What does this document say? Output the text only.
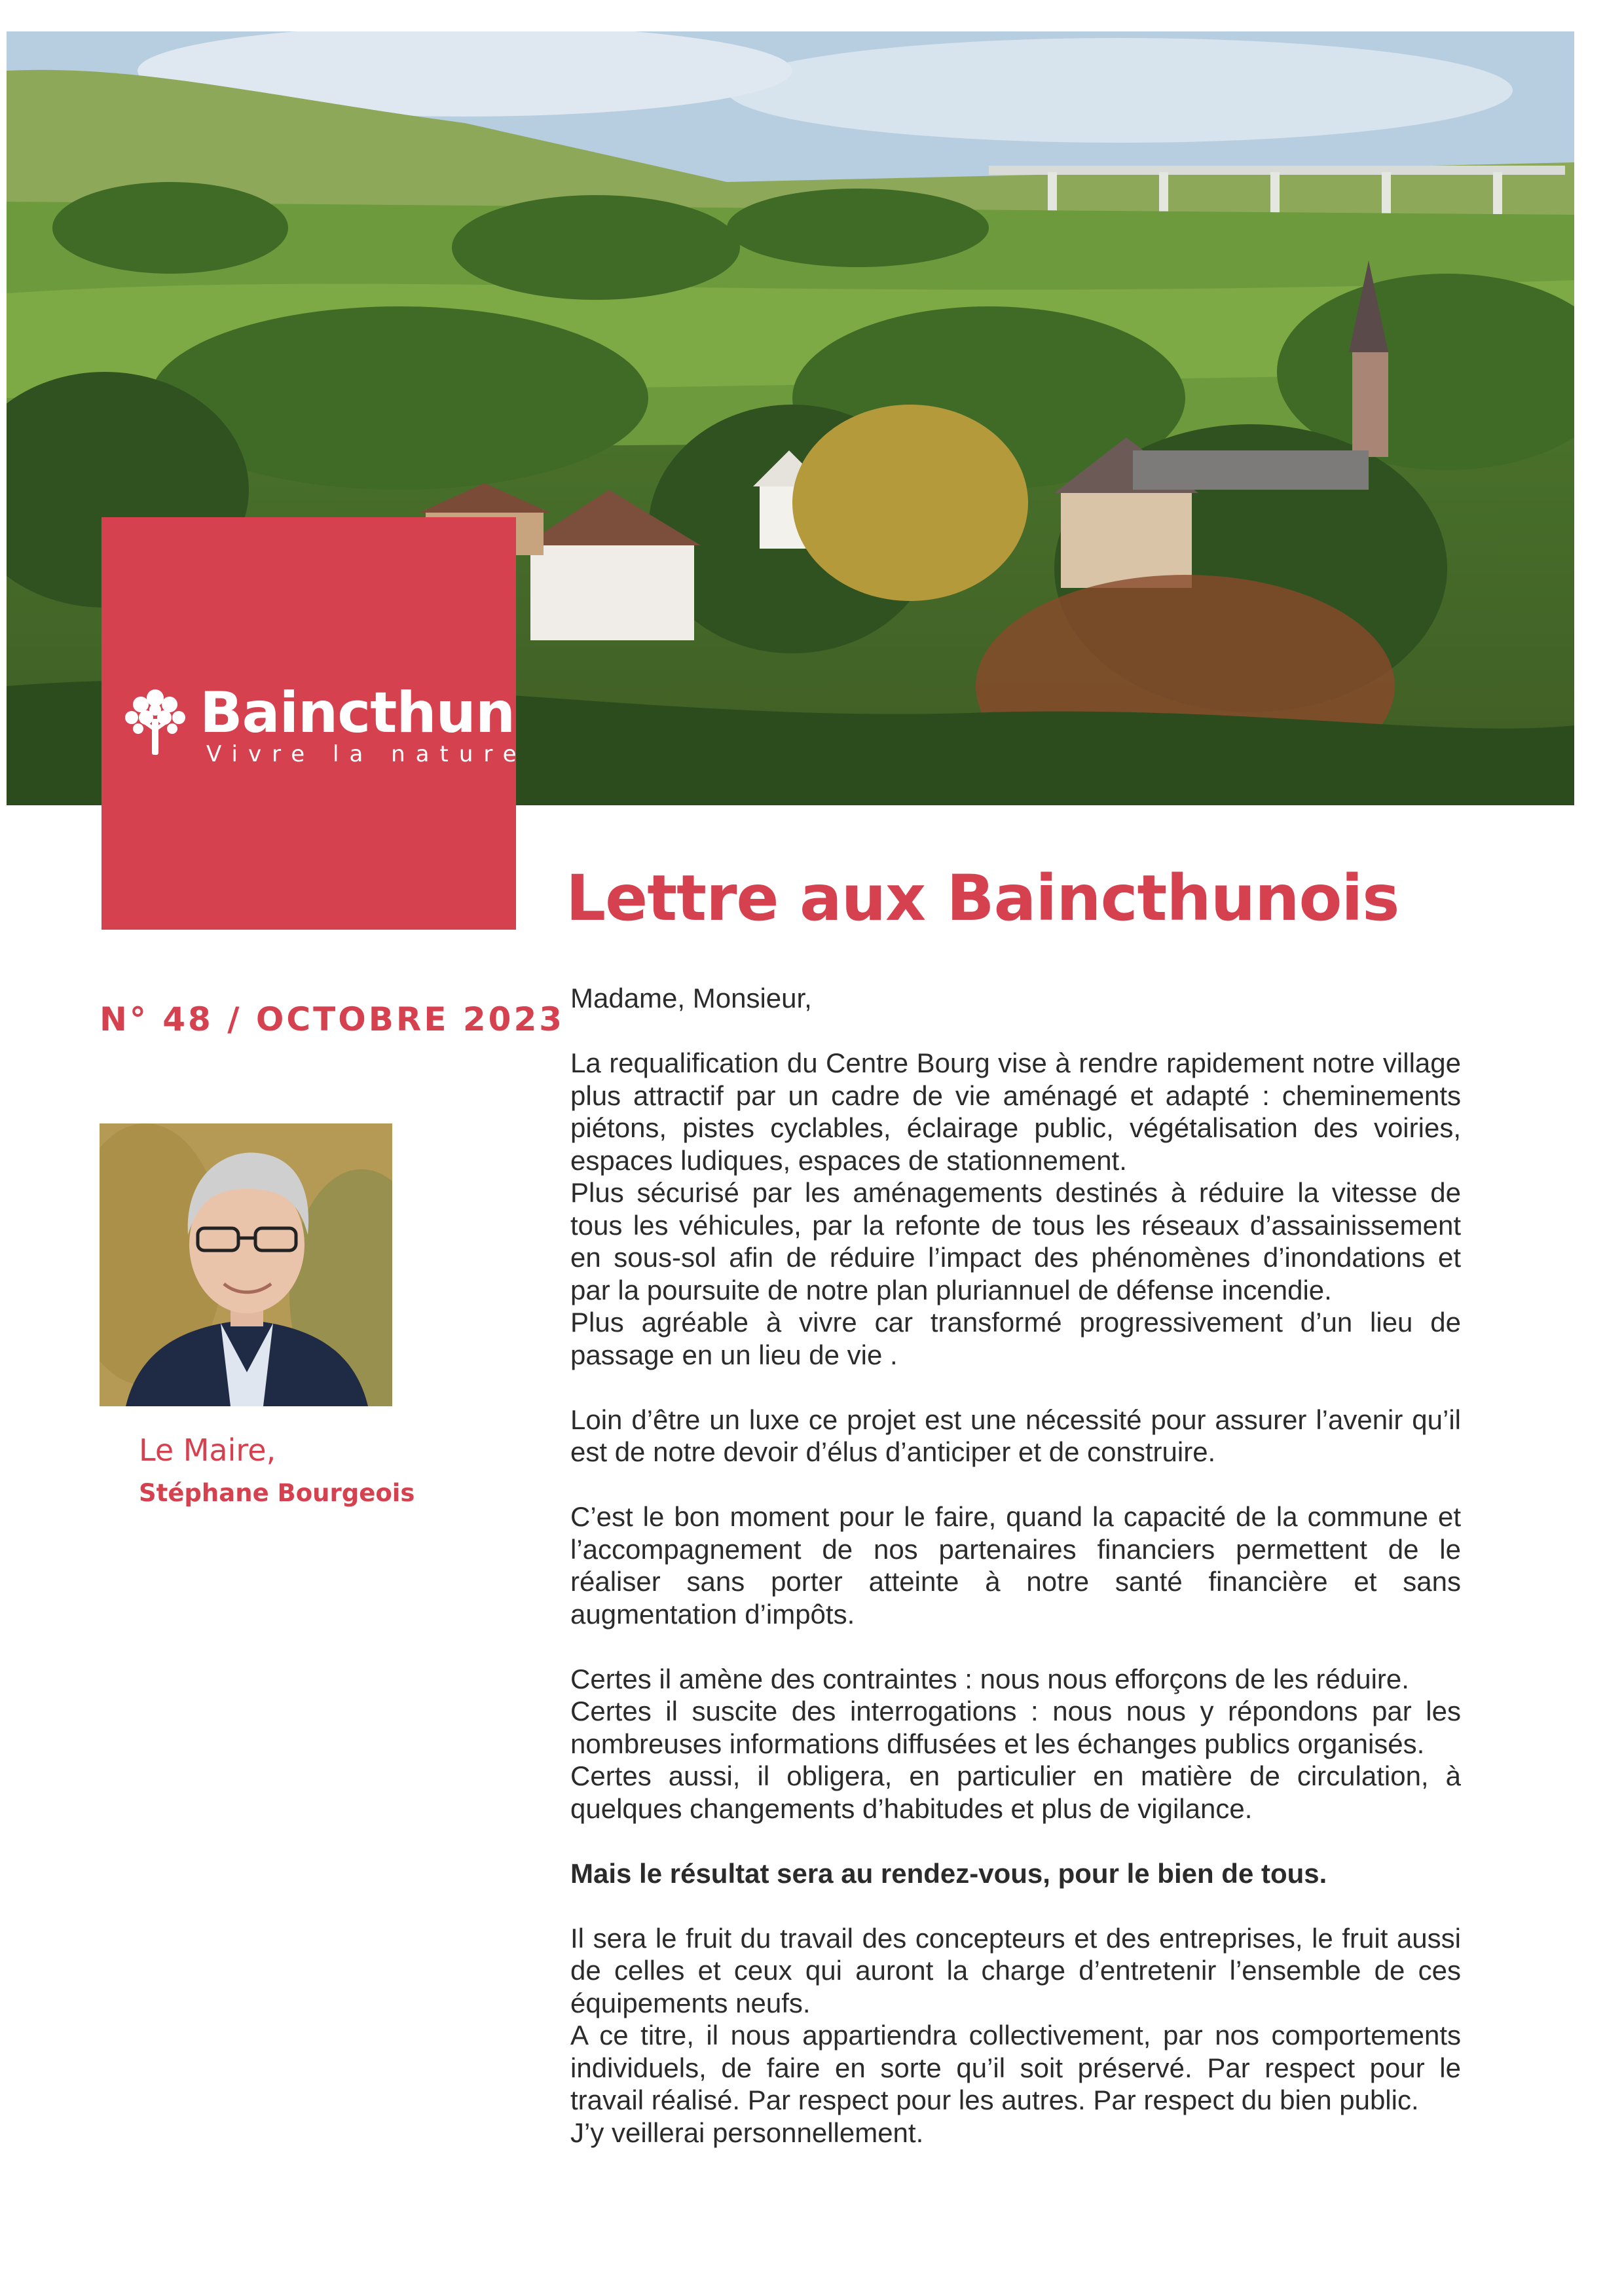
Baincthun
Vivre la nature
Lettre aux Baincthunois
N° 48 / OCTOBRE 2023
Le Maire,
Stéphane Bourgeois

Madame, Monsieur,

La requalification du Centre Bourg vise à rendre rapidement notre village plus attractif par un cadre de vie aménagé et adapté : cheminements piétons, pistes cyclables, éclairage public, végétalisation des voiries, espaces ludiques, espaces de stationnement.

Plus sécurisé par les aménagements destinés à réduire la vitesse de tous les véhicules, par la refonte de tous les réseaux d’assainissement en sous-sol afin de réduire l’impact des phénomènes d’inondations et par la poursuite de notre plan pluriannuel de défense incendie.

Plus agréable à vivre car transformé progressivement d’un lieu de passage en un lieu de vie .

Loin d’être un luxe ce projet est une nécessité pour assurer l’avenir qu’il est de notre devoir d’élus d’anticiper et de construire.

C’est le bon moment pour le faire, quand la capacité de la commune et l’accompagnement de nos partenaires financiers permettent de le réaliser sans porter atteinte à notre santé financière et sans augmentation d’impôts.

Certes il amène des contraintes : nous nous efforçons de les réduire.

Certes il suscite des interrogations : nous nous y répondons par les nombreuses informations diffusées et les échanges publics organisés.

Certes aussi, il obligera, en particulier en matière de circulation, à quelques changements d’habitudes et plus de vigilance.

Mais le résultat sera au rendez-vous, pour le bien de tous.

Il sera le fruit du travail des concepteurs et des entreprises, le fruit aussi de celles et ceux qui auront la charge d’entretenir l’ensemble de ces équipements neufs.

A ce titre, il nous appartiendra collectivement, par nos comportements individuels, de faire en sorte qu’il soit préservé. Par respect pour le travail réalisé. Par respect pour les autres. Par respect du bien public.

J’y veillerai personnellement.
